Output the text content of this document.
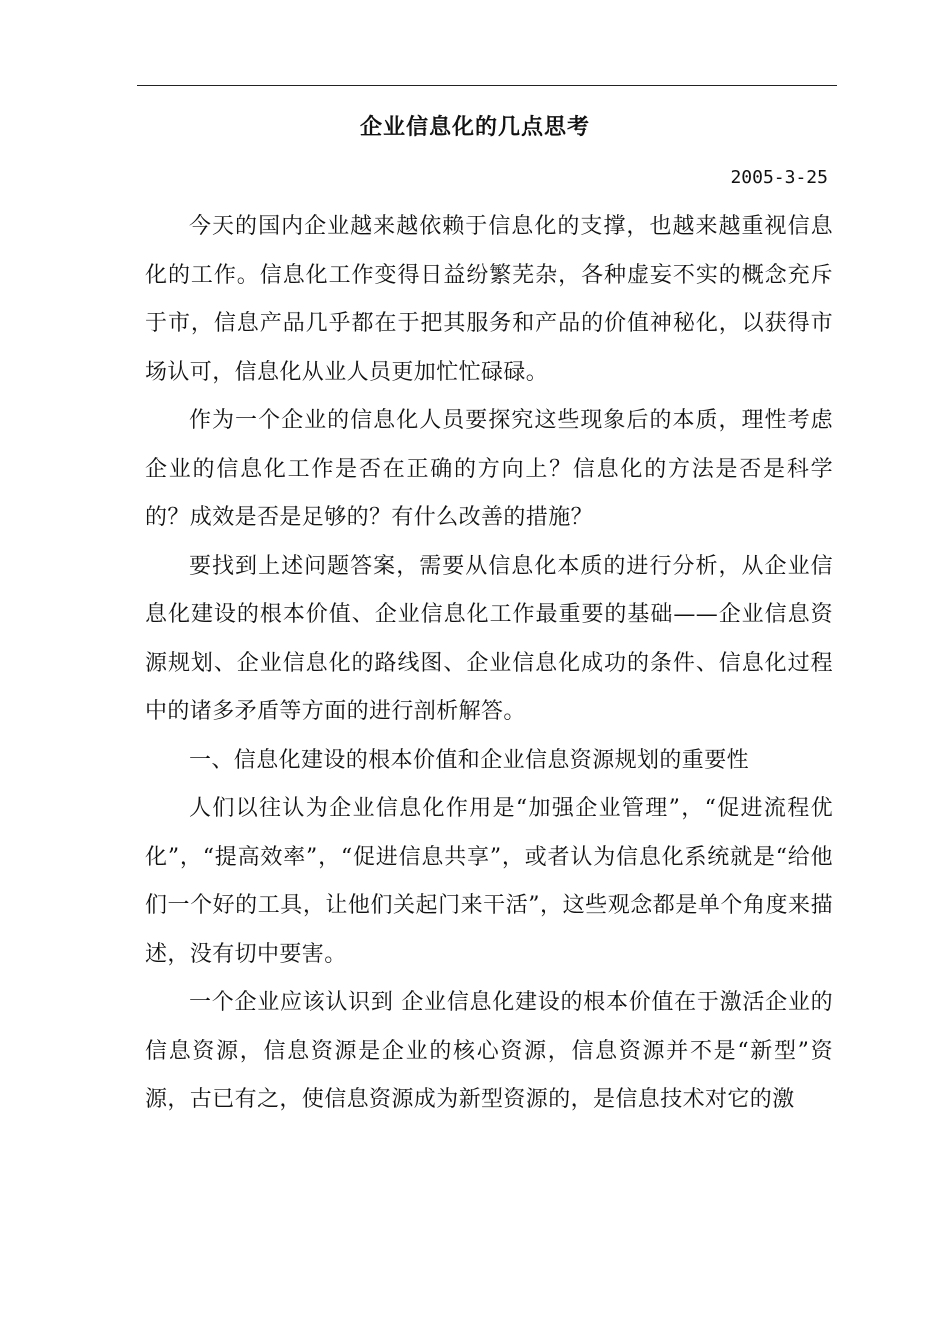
企业信息化的几点思考

2005-3-25

今天的国内企业越来越依赖于信息化的支撑，也越来越重视信息化的工作。信息化工作变得日益纷繁芜杂，各种虚妄不实的概念充斥于市，信息产品几乎都在于把其服务和产品的价值神秘化，以获得市场认可，信息化从业人员更加忙忙碌碌。

作为一个企业的信息化人员要探究这些现象后的本质，理性考虑企业的信息化工作是否在正确的方向上？信息化的方法是否是科学的？成效是否是足够的？有什么改善的措施？

要找到上述问题答案，需要从信息化本质的进行分析，从企业信息化建设的根本价值、企业信息化工作最重要的基础——企业信息资源规划、企业信息化的路线图、企业信息化成功的条件、信息化过程中的诸多矛盾等方面的进行剖析解答。

一、信息化建设的根本价值和企业信息资源规划的重要性

人们以往认为企业信息化作用是“加强企业管理”，“促进流程优化”，“提高效率”，“促进信息共享”，或者认为信息化系统就是“给他们一个好的工具，让他们关起门来干活”，这些观念都是单个角度来描述，没有切中要害。

一个企业应该认识到 企业信息化建设的根本价值在于激活企业的信息资源，信息资源是企业的核心资源，信息资源并不是“新型”资源，古已有之，使信息资源成为新型资源的，是信息技术对它的激
